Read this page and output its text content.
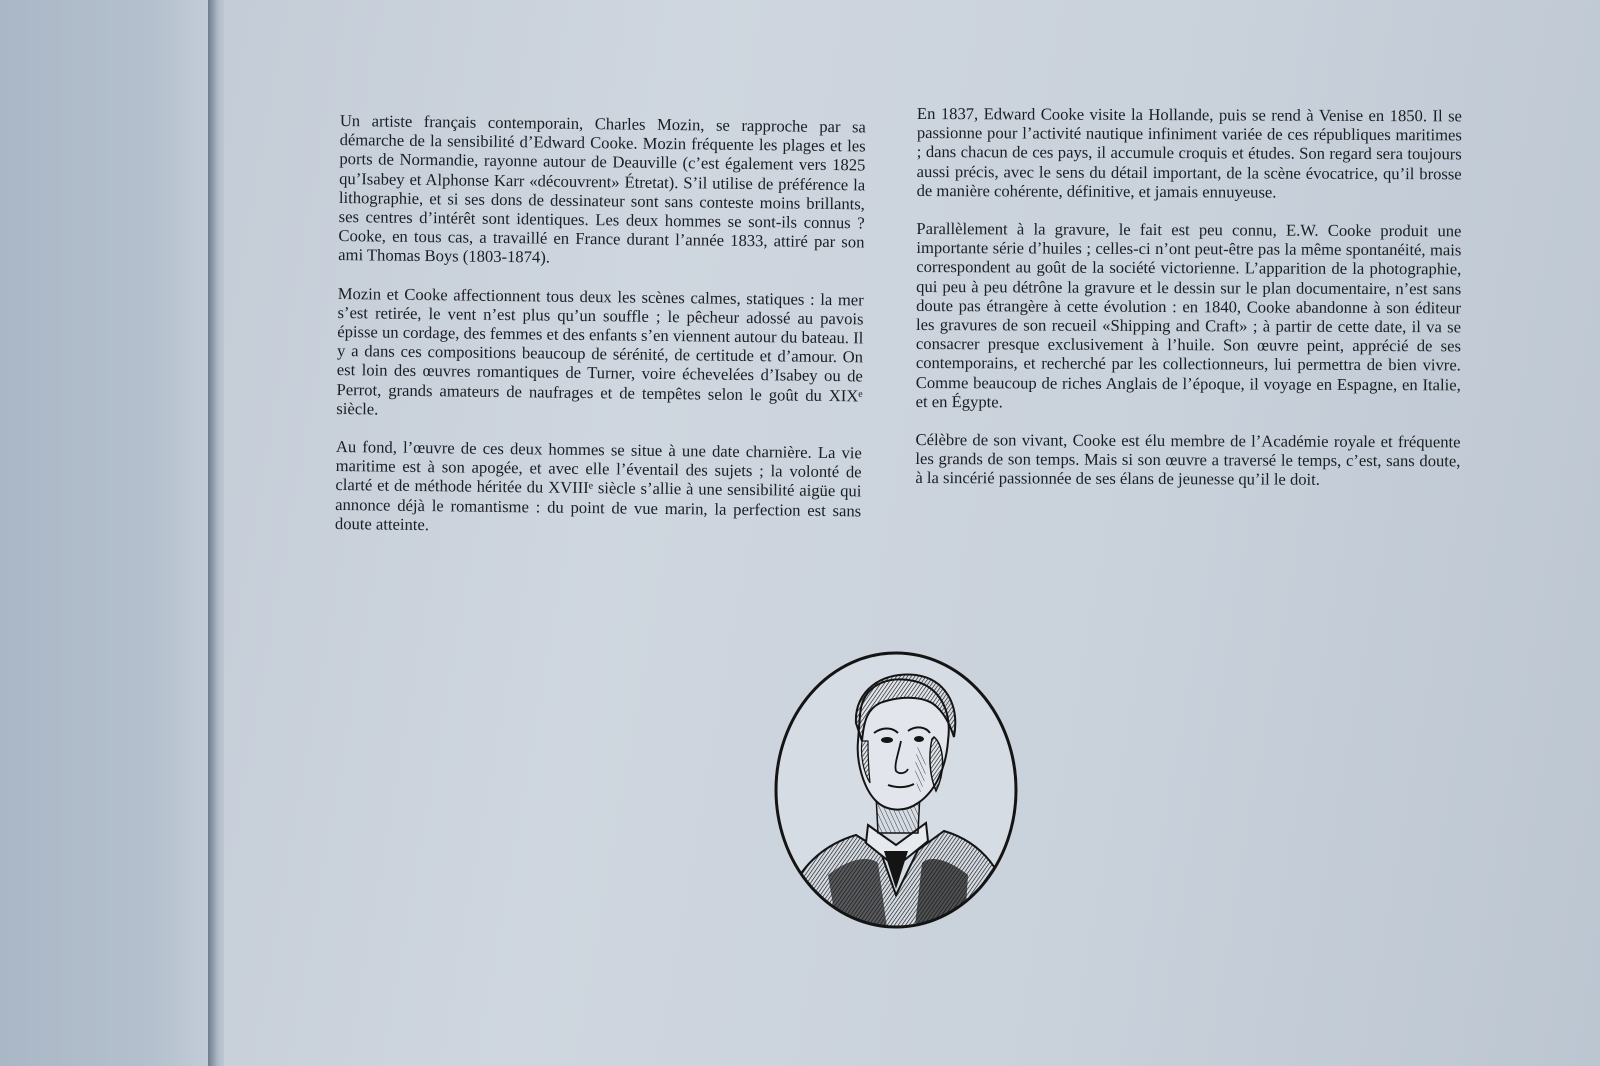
Un artiste français contemporain, Charles Mozin, se rapproche par sa démarche de la sensibilité d’Edward Cooke. Mozin fréquente les plages et les ports de Normandie, rayonne autour de Deauville (c’est également vers 1825 qu’Isabey et Alphonse Karr «découvrent» Étretat). S’il utilise de préférence la lithographie, et si ses dons de dessinateur sont sans conteste moins brillants, ses centres d’intérêt sont identiques. Les deux hommes se sont-ils connus ? Cooke, en tous cas, a travaillé en France durant l’année 1833, attiré par son ami Thomas Boys (1803-1874).

Mozin et Cooke affectionnent tous deux les scènes calmes, statiques : la mer s’est retirée, le vent n’est plus qu’un souffle ; le pêcheur adossé au pavois épisse un cordage, des femmes et des enfants s’en viennent autour du bateau. Il y a dans ces compositions beaucoup de sérénité, de certitude et d’amour. On est loin des œuvres romantiques de Turner, voire échevelées d’Isabey ou de Perrot, grands amateurs de naufrages et de tempêtes selon le goût du XIXᵉ siècle.

Au fond, l’œuvre de ces deux hommes se situe à une date charnière. La vie maritime est à son apogée, et avec elle l’éventail des sujets ; la volonté de clarté et de méthode héritée du XVIIIᵉ siècle s’allie à une sensibilité aigüe qui annonce déjà le romantisme : du point de vue marin, la perfection est sans doute atteinte.

En 1837, Edward Cooke visite la Hollande, puis se rend à Venise en 1850. Il se passionne pour l’activité nautique infiniment variée de ces républiques maritimes ; dans chacun de ces pays, il accumule croquis et études. Son regard sera toujours aussi précis, avec le sens du détail important, de la scène évocatrice, qu’il brosse de manière cohérente, définitive, et jamais ennuyeuse.

Parallèlement à la gravure, le fait est peu connu, E.W. Cooke produit une importante série d’huiles ; celles-ci n’ont peut-être pas la même spontanéité, mais correspondent au goût de la société victorienne. L’apparition de la photographie, qui peu à peu détrône la gravure et le dessin sur le plan documentaire, n’est sans doute pas étrangère à cette évolution : en 1840, Cooke abandonne à son éditeur les gravures de son recueil «Shipping and Craft» ; à partir de cette date, il va se consacrer presque exclusivement à l’huile. Son œuvre peint, apprécié de ses contemporains, et recherché par les collectionneurs, lui permettra de bien vivre. Comme beaucoup de riches Anglais de l’époque, il voyage en Espagne, en Italie, et en Égypte.

Célèbre de son vivant, Cooke est élu membre de l’Académie royale et fréquente les grands de son temps. Mais si son œuvre a traversé le temps, c’est, sans doute, à la sincérié passionnée de ses élans de jeunesse qu’il le doit.
